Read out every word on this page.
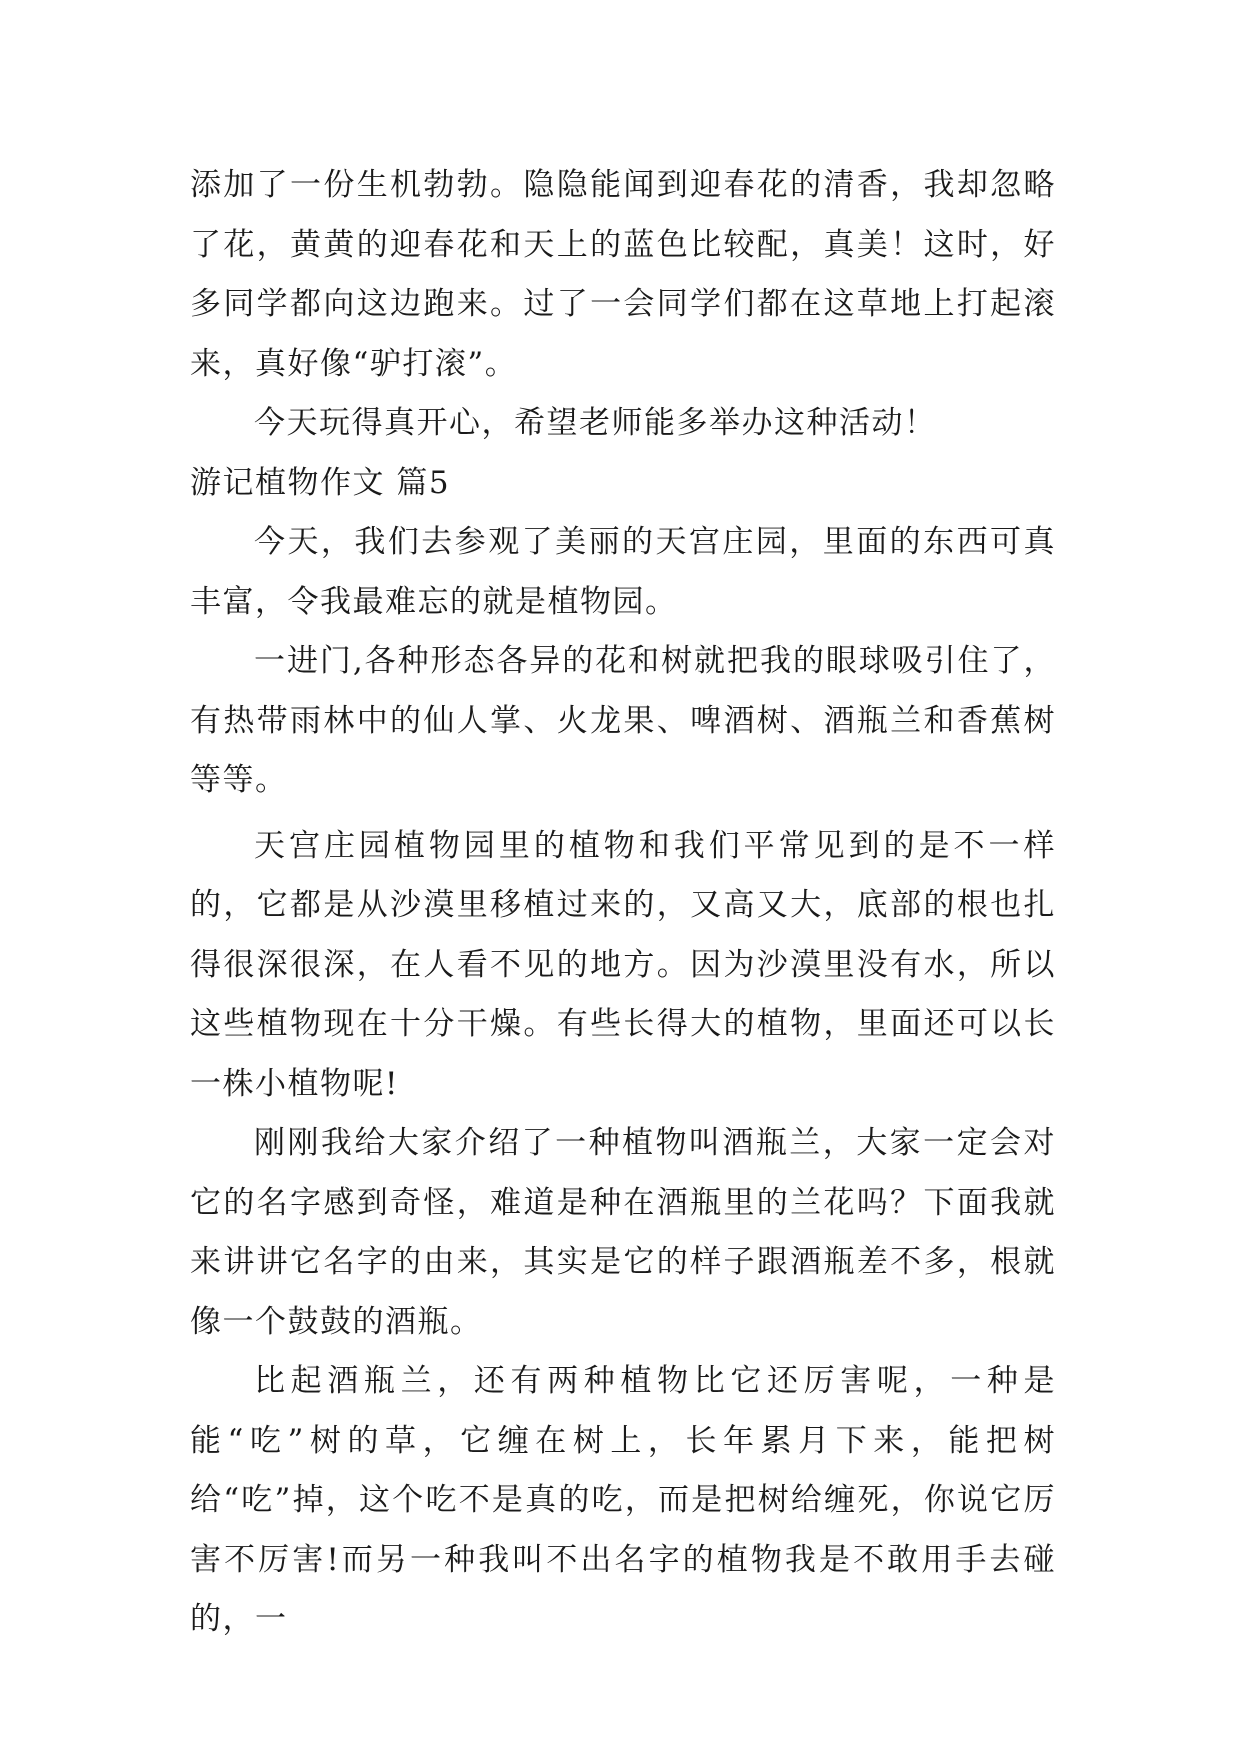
添加了一份生机勃勃。隐隐能闻到迎春花的清香，我却忽略了花，黄黄的迎春花和天上的蓝色比较配，真美！这时，好多同学都向这边跑来。过了一会同学们都在这草地上打起滚来，真好像“驴打滚”。

今天玩得真开心，希望老师能多举办这种活动！

游记植物作文 篇5

今天，我们去参观了美丽的天宫庄园，里面的东西可真丰富，令我最难忘的就是植物园。

一进门,各种形态各异的花和树就把我的眼球吸引住了，有热带雨林中的仙人掌、火龙果、啤酒树、酒瓶兰和香蕉树等等。

天宫庄园植物园里的植物和我们平常见到的是不一样的，它都是从沙漠里移植过来的，又高又大，底部的根也扎得很深很深，在人看不见的地方。因为沙漠里没有水，所以这些植物现在十分干燥。有些长得大的植物，里面还可以长一株小植物呢!

刚刚我给大家介绍了一种植物叫酒瓶兰，大家一定会对它的名字感到奇怪，难道是种在酒瓶里的兰花吗？下面我就来讲讲它名字的由来，其实是它的样子跟酒瓶差不多，根就像一个鼓鼓的酒瓶。

比起酒瓶兰，还有两种植物比它还厉害呢，一种是能“吃”树的草，它缠在树上，长年累月下来，能把树给“吃”掉，这个吃不是真的吃，而是把树给缠死，你说它厉害不厉害!而另一种我叫不出名字的植物我是不敢用手去碰的，一
